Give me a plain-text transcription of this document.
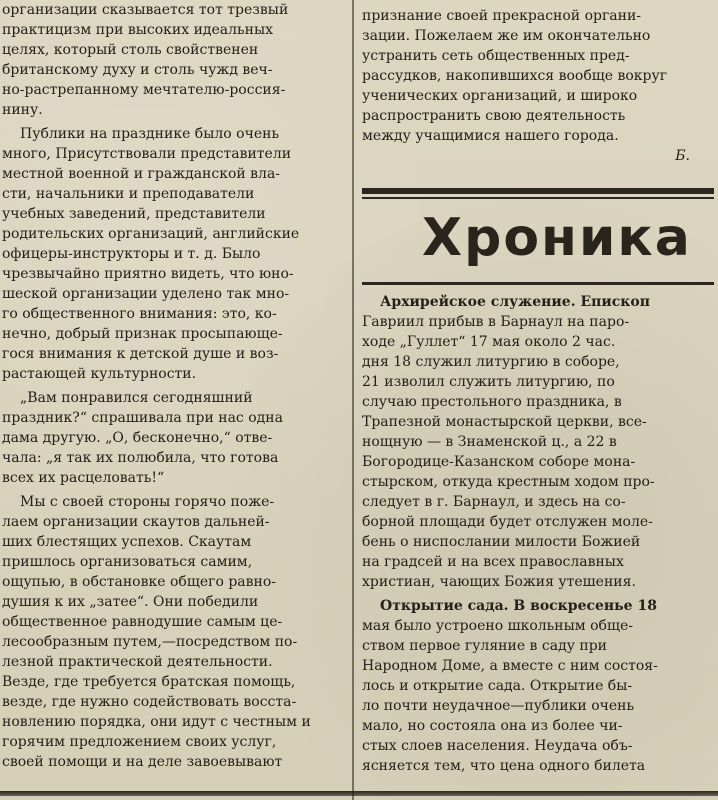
организации сказывается тот трезвый
практицизм при высоких идеальных
целях, который столь свойственен
британскому духу и столь чужд веч-
но-растрепанному мечтателю-россия-
нину.
Публики на празднике было очень
много, Присутствовали представители
местной военной и гражданской вла-
сти, начальники и преподаватели
учебных заведений, представители
родительских организаций, английские
офицеры-инструкторы и т. д. Было
чрезвычайно приятно видеть, что юно-
шеской организации уделено так мно-
го общественного внимания: это, ко-
нечно, добрый признак просыпающе-
гося внимания к детской душе и воз-
растающей культурности.
„Вам понравился сегодняшний
праздник?“ спрашивала при нас одна
дама другую. „О, бесконечно,“ отве-
чала: „я так их полюбила, что готова
всех их расцеловать!“
Мы с своей стороны горячо поже-
лаем организации скаутов дальней-
ших блестящих успехов. Скаутам
пришлось организоваться самим,
ощупью, в обстановке общего равно-
душия к их „затее“. Они победили
общественное равнодушие самым це-
лесообразным путем,—посредством по-
лезной практической деятельности.
Везде, где требуется братская помощь,
везде, где нужно содействовать восста-
новлению порядка, они идут с честным и
горячим предложением своих услуг,
своей помощи и на деле завоевывают
признание своей прекрасной органи-
зации. Пожелаем же им окончательно
устранить сеть общественных пред-
рассудков, накопившихся вообще вокруг
ученических организаций, и широко
распространить свою деятельность
между учащимися нашего города.
Б.
Хроника
Архирейское служение. Епископ
Гавриил прибыв в Барнаул на паро-
ходе „Гуллет“ 17 мая около 2 час.
дня 18 служил литургию в соборе,
21 изволил служить литургию, по
случаю престольного праздника, в
Трапезной монастырской церкви, все-
нощную — в Знаменской ц., а 22 в
Богородице-Казанском соборе мона-
стырском, откуда крестным ходом про-
следует в г. Барнаул, и здесь на со-
борной площади будет отслужен моле-
бень о ниспослании милости Божией
на градсей и на всех православных
христиан, чающих Божия утешения.
Открытие сада. В воскресенье 18
мая было устроено школьным обще-
ством первое гуляние в саду при
Народном Доме, а вместе с ним состоя-
лось и открытие сада. Открытие бы-
ло почти неудачное—публики очень
мало, но состояла она из более чи-
стых слоев населения. Неудача объ-
ясняется тем, что цена одного билета
